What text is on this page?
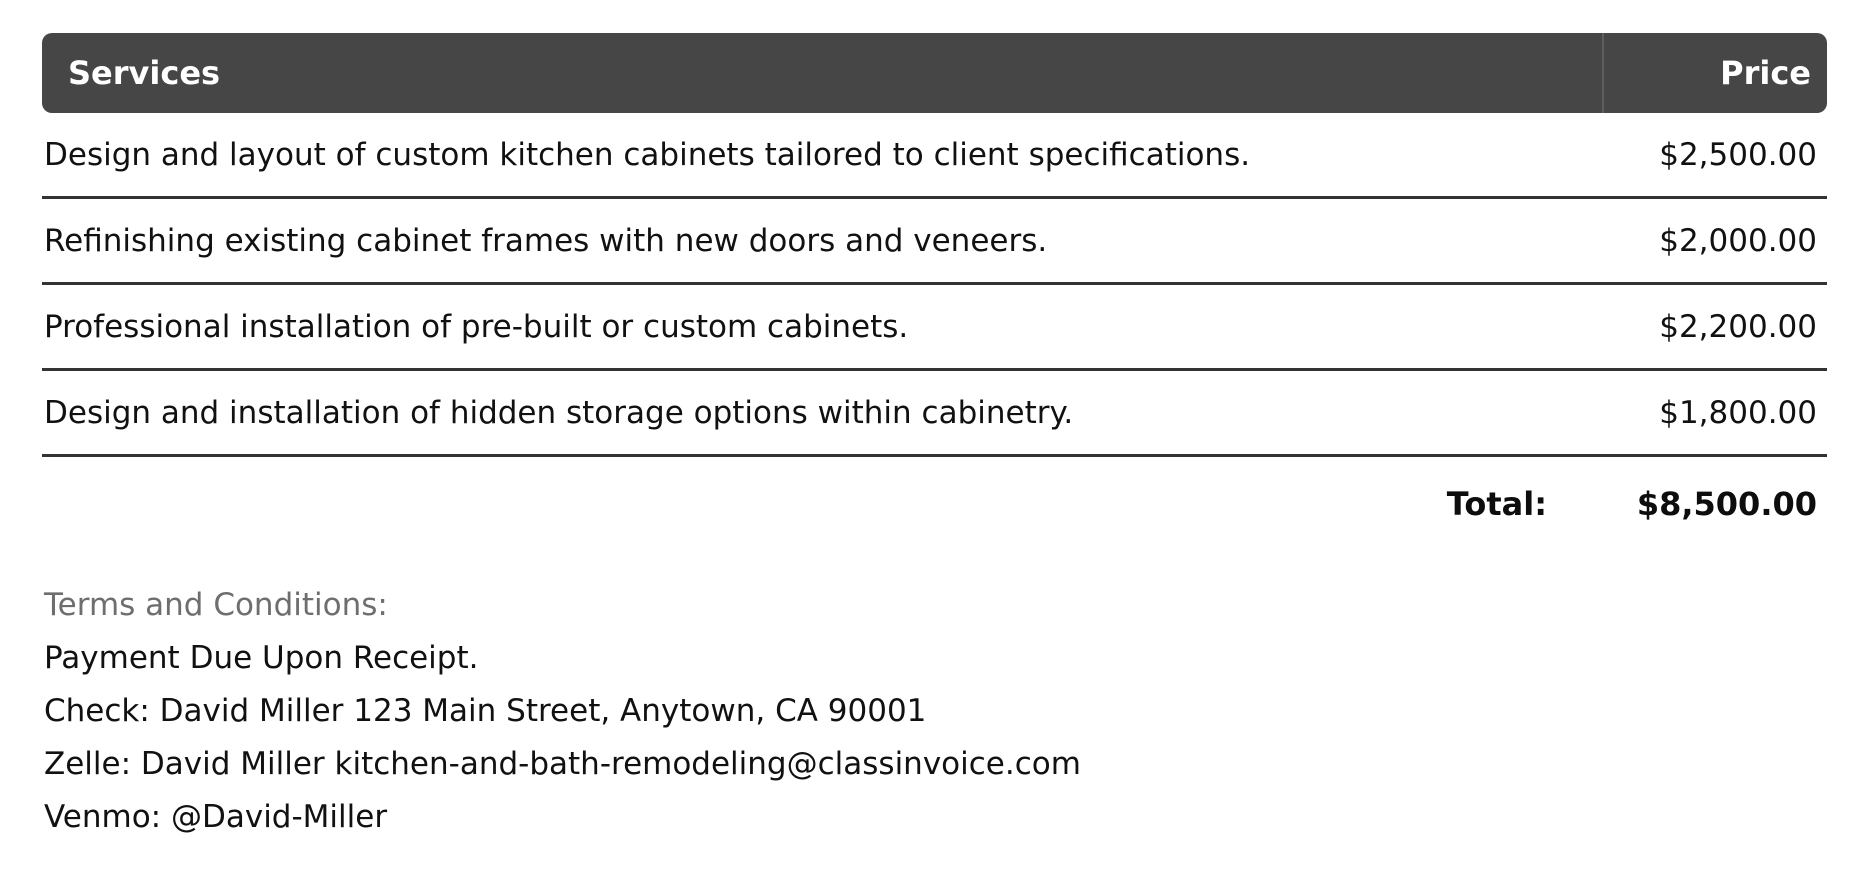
Services	Price
Design and layout of custom kitchen cabinets tailored to client specifications.	$2,500.00
Refinishing existing cabinet frames with new doors and veneers.	$2,000.00
Professional installation of pre-built or custom cabinets.	$2,200.00
Design and installation of hidden storage options within cabinetry.	$1,800.00
Total:	$8,500.00
Terms and Conditions:
Payment Due Upon Receipt.
Check: David Miller 123 Main Street, Anytown, CA 90001
Zelle: David Miller kitchen-and-bath-remodeling@classinvoice.com
Venmo: @David-Miller
